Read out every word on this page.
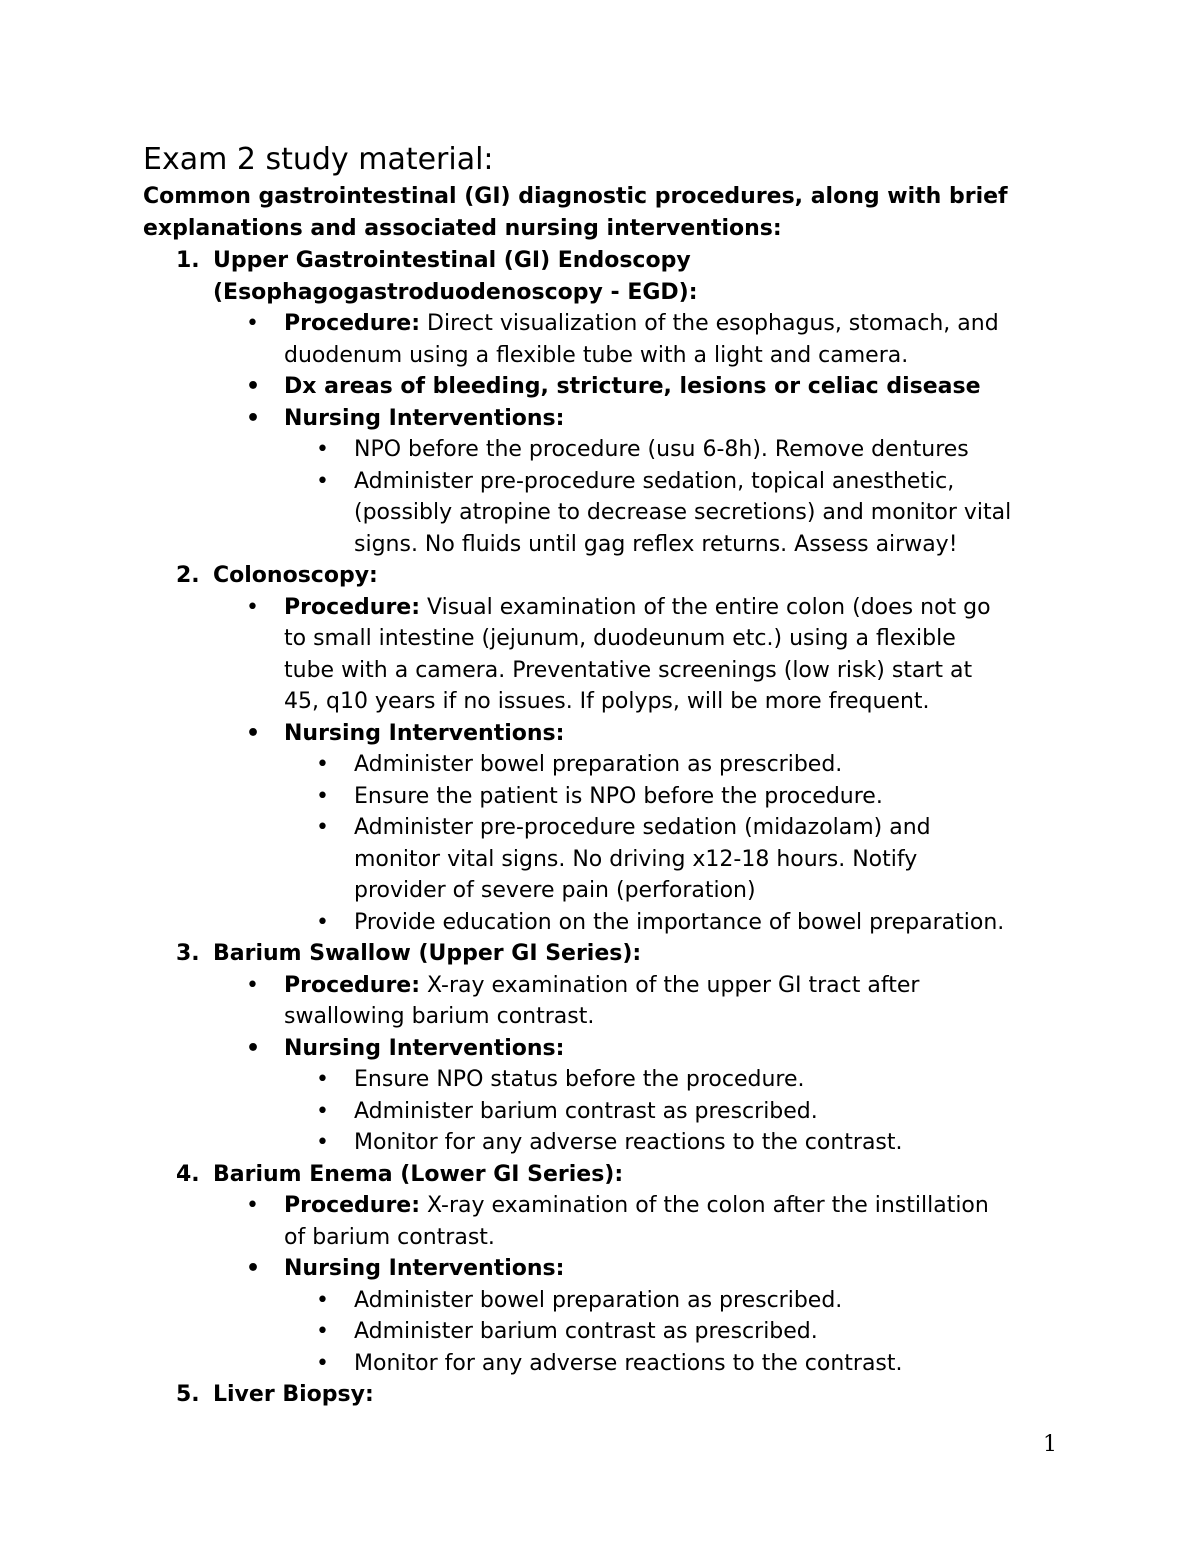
Exam 2 study material:

Common gastrointestinal (GI) diagnostic procedures, along with brief explanations and associated nursing interventions:

1. Upper Gastrointestinal (GI) Endoscopy
(Esophagogastroduodenoscopy - EGD):
• Procedure: Direct visualization of the esophagus, stomach, and
duodenum using a flexible tube with a light and camera.
• Dx areas of bleeding, stricture, lesions or celiac disease
• Nursing Interventions:
• NPO before the procedure (usu 6-8h). Remove dentures
• Administer pre-procedure sedation, topical anesthetic,
(possibly atropine to decrease secretions) and monitor vital
signs. No fluids until gag reflex returns. Assess airway!
2. Colonoscopy:
• Procedure: Visual examination of the entire colon (does not go
to small intestine (jejunum, duodeunum etc.) using a flexible
tube with a camera. Preventative screenings (low risk) start at
45, q10 years if no issues. If polyps, will be more frequent.
• Nursing Interventions:
• Administer bowel preparation as prescribed.
• Ensure the patient is NPO before the procedure.
• Administer pre-procedure sedation (midazolam) and
monitor vital signs. No driving x12-18 hours. Notify
provider of severe pain (perforation)
• Provide education on the importance of bowel preparation.
3. Barium Swallow (Upper GI Series):
• Procedure: X-ray examination of the upper GI tract after
swallowing barium contrast.
• Nursing Interventions:
• Ensure NPO status before the procedure.
• Administer barium contrast as prescribed.
• Monitor for any adverse reactions to the contrast.
4. Barium Enema (Lower GI Series):
• Procedure: X-ray examination of the colon after the instillation
of barium contrast.
• Nursing Interventions:
• Administer bowel preparation as prescribed.
• Administer barium contrast as prescribed.
• Monitor for any adverse reactions to the contrast.
5. Liver Biopsy:
1
